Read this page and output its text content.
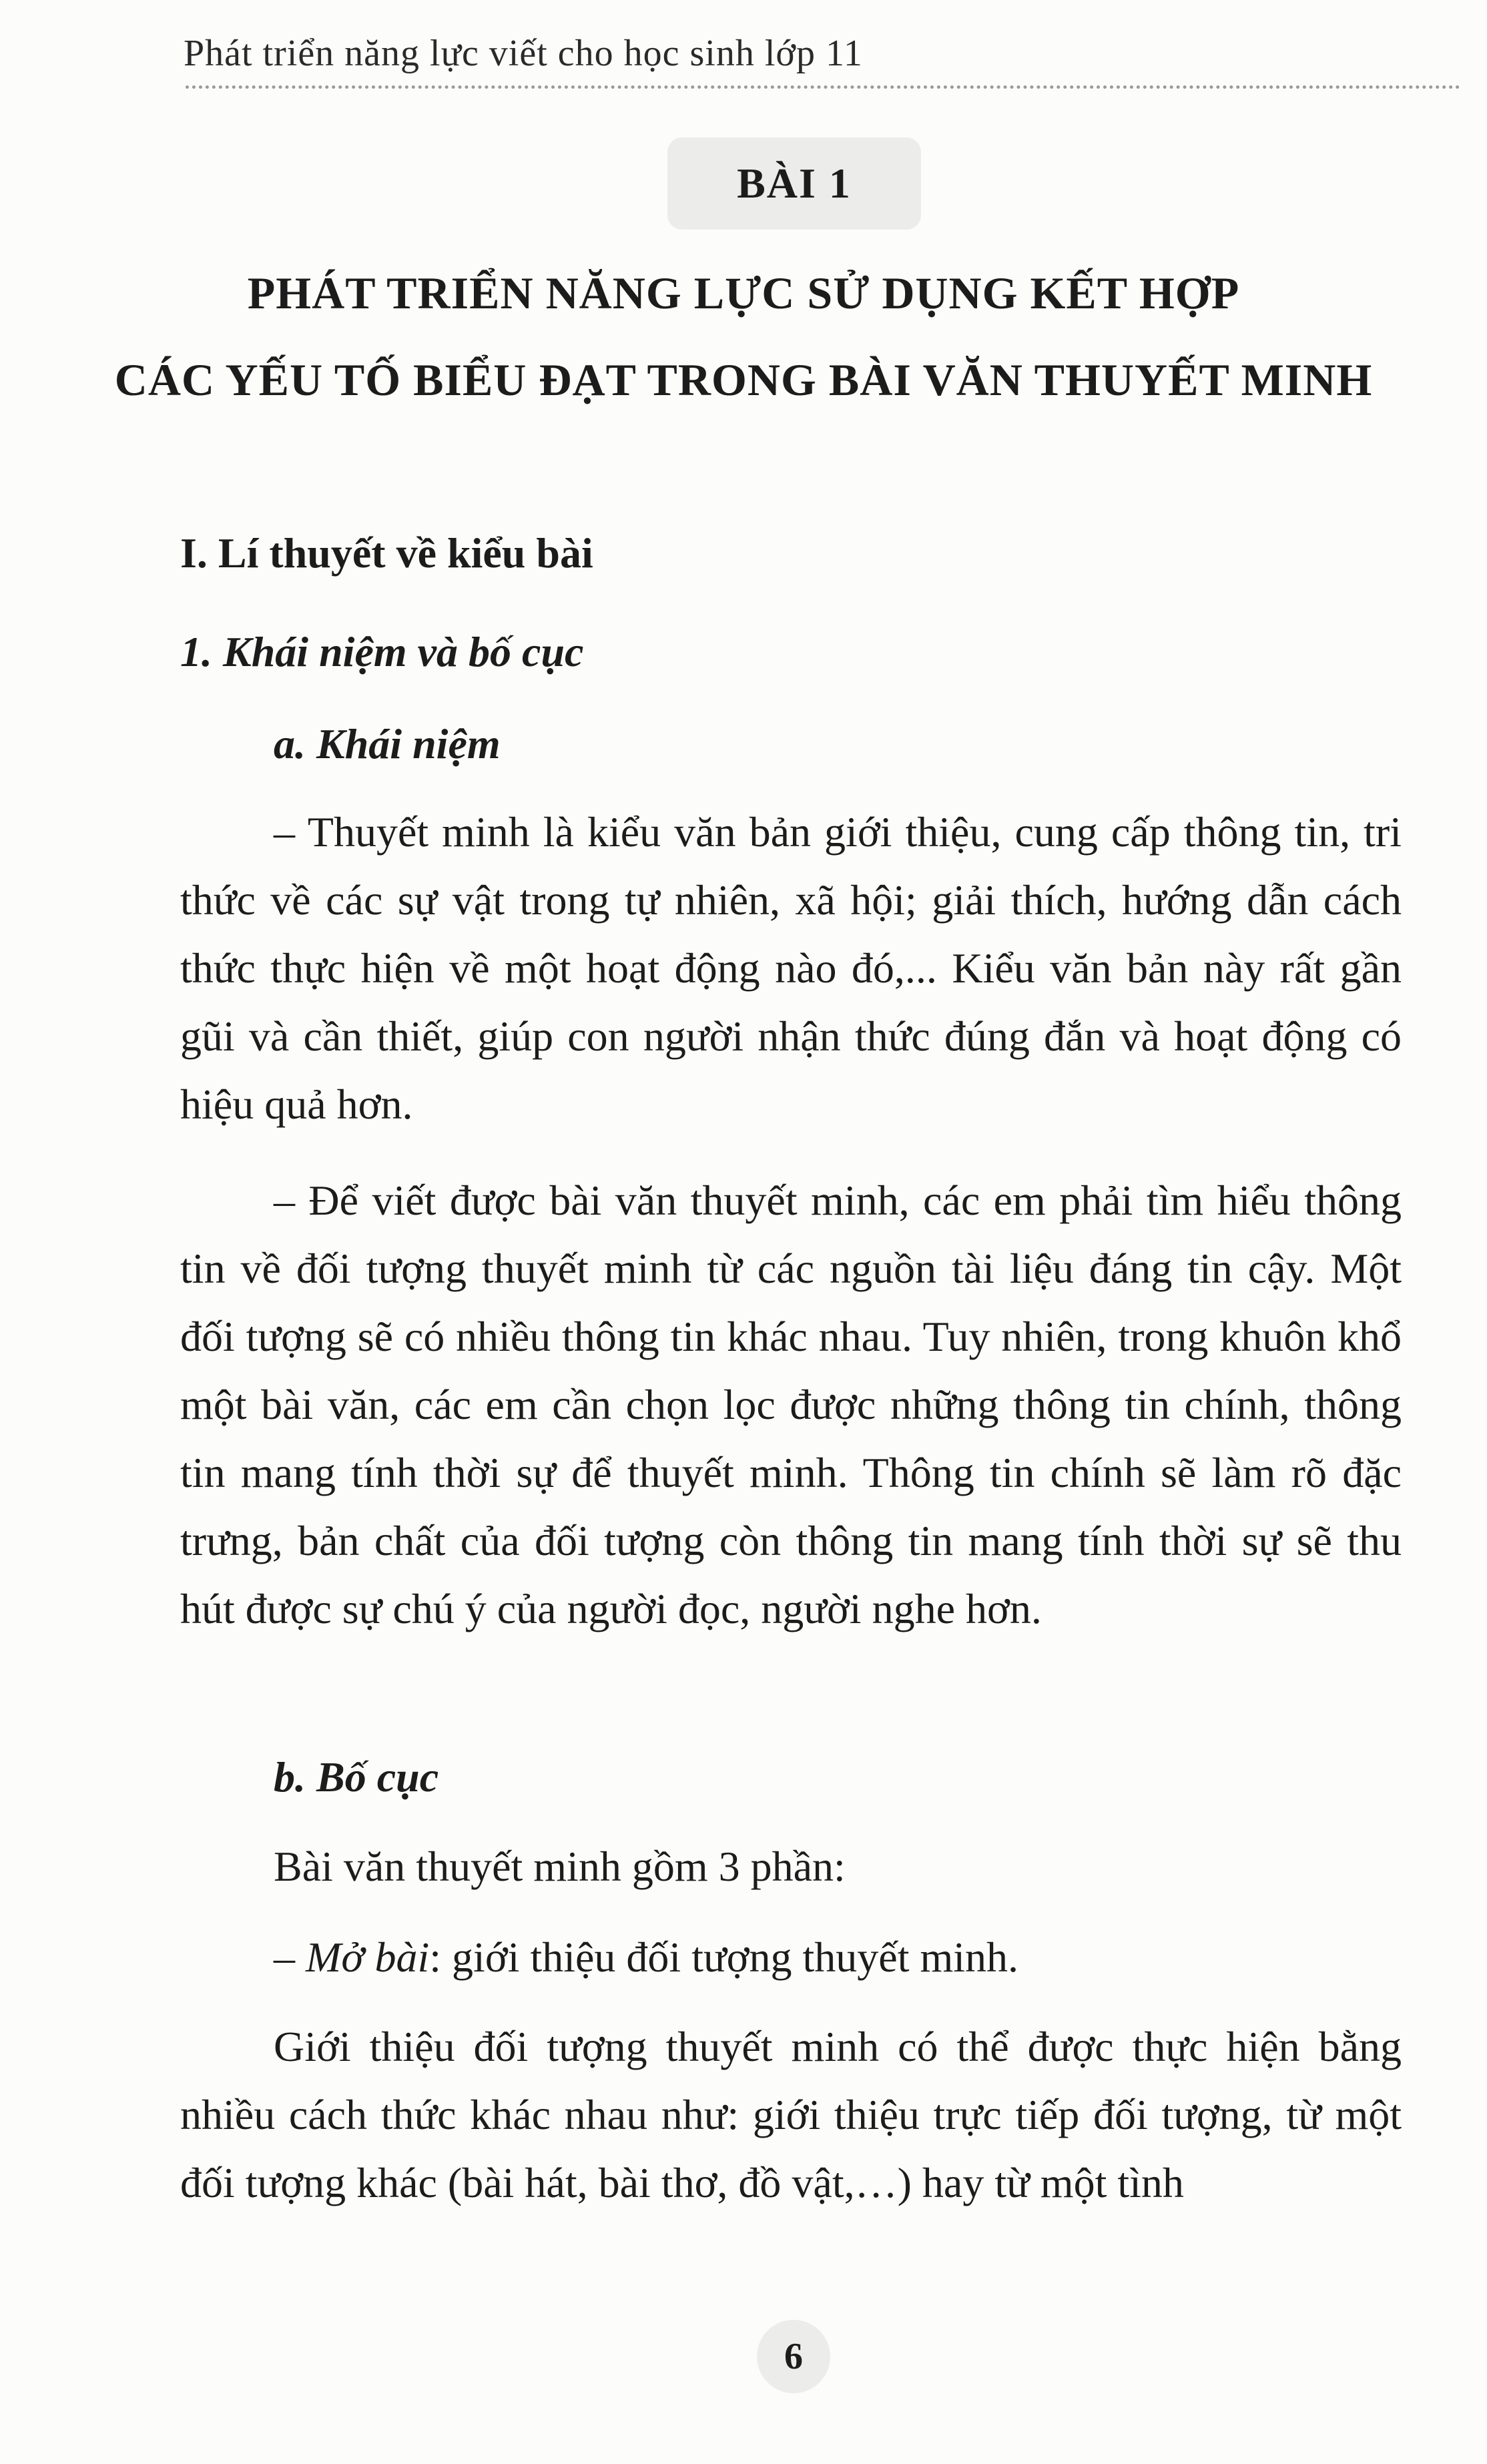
Phát triển năng lực viết cho học sinh lớp 11
BÀI 1
PHÁT TRIỂN NĂNG LỰC SỬ DỤNG KẾT HỢP
CÁC YẾU TỐ BIỂU ĐẠT TRONG BÀI VĂN THUYẾT MINH
I. Lí thuyết về kiểu bài
1. Khái niệm và bố cục
a. Khái niệm
– Thuyết minh là kiểu văn bản giới thiệu, cung cấp thông tin, tri thức về các sự vật trong tự nhiên, xã hội; giải thích, hướng dẫn cách thức thực hiện về một hoạt động nào đó,... Kiểu văn bản này rất gần gũi và cần thiết, giúp con người nhận thức đúng đắn và hoạt động có hiệu quả hơn.
– Để viết được bài văn thuyết minh, các em phải tìm hiểu thông tin về đối tượng thuyết minh từ các nguồn tài liệu đáng tin cậy. Một đối tượng sẽ có nhiều thông tin khác nhau. Tuy nhiên, trong khuôn khổ một bài văn, các em cần chọn lọc được những thông tin chính, thông tin mang tính thời sự để thuyết minh. Thông tin chính sẽ làm rõ đặc trưng, bản chất của đối tượng còn thông tin mang tính thời sự sẽ thu hút được sự chú ý của người đọc, người nghe hơn.
b. Bố cục
Bài văn thuyết minh gồm 3 phần:
– Mở bài: giới thiệu đối tượng thuyết minh.
Giới thiệu đối tượng thuyết minh có thể được thực hiện bằng nhiều cách thức khác nhau như: giới thiệu trực tiếp đối tượng, từ một đối tượng khác (bài hát, bài thơ, đồ vật,…) hay từ một tình
6
